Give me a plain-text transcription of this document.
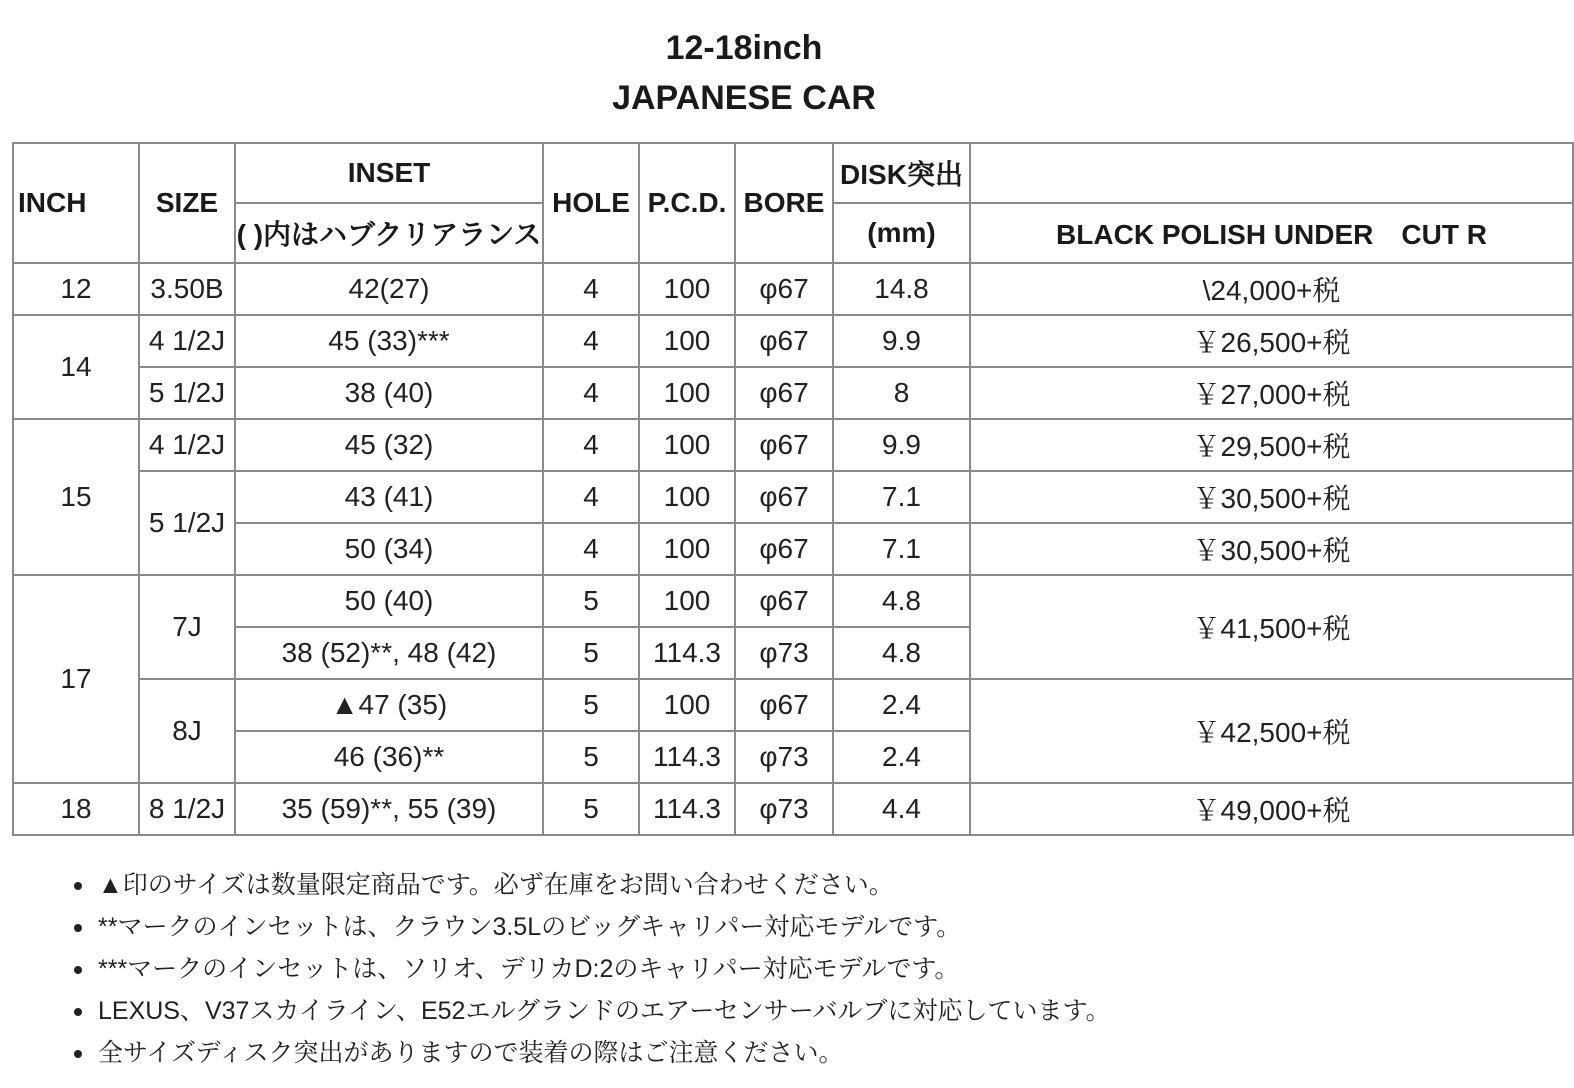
12-18inch
JAPANESE CAR
INCH	SIZE	INSET	HOLE	P.C.D.	BORE	DISK突出	
		( )内はハブクリアランス				(mm)	BLACK POLISH UNDER　CUT R
12	3.50B	42(27)	4	100	φ67	14.8	\24,000+税
14	4 1/2J	45 (33)***	4	100	φ67	9.9	￥26,500+税
	5 1/2J	38 (40)	4	100	φ67	8	￥27,000+税
15	4 1/2J	45 (32)	4	100	φ67	9.9	￥29,500+税
	5 1/2J	43 (41)	4	100	φ67	7.1	￥30,500+税
		50 (34)	4	100	φ67	7.1	￥30,500+税
17	7J	50 (40)	5	100	φ67	4.8	￥41,500+税
		38 (52)**, 48 (42)	5	114.3	φ73	4.8	
	8J	▲47 (35)	5	100	φ67	2.4	￥42,500+税
		46 (36)**	5	114.3	φ73	2.4	
18	8 1/2J	35 (59)**, 55 (39)	5	114.3	φ73	4.4	￥49,000+税
▲印のサイズは数量限定商品です。必ず在庫をお問い合わせください。
**マークのインセットは、クラウン3.5Lのビッグキャリパー対応モデルです。
***マークのインセットは、ソリオ、デリカD:2のキャリパー対応モデルです。
LEXUS、V37スカイライン、E52エルグランドのエアーセンサーバルブに対応しています。
全サイズディスク突出がありますので装着の際はご注意ください。
